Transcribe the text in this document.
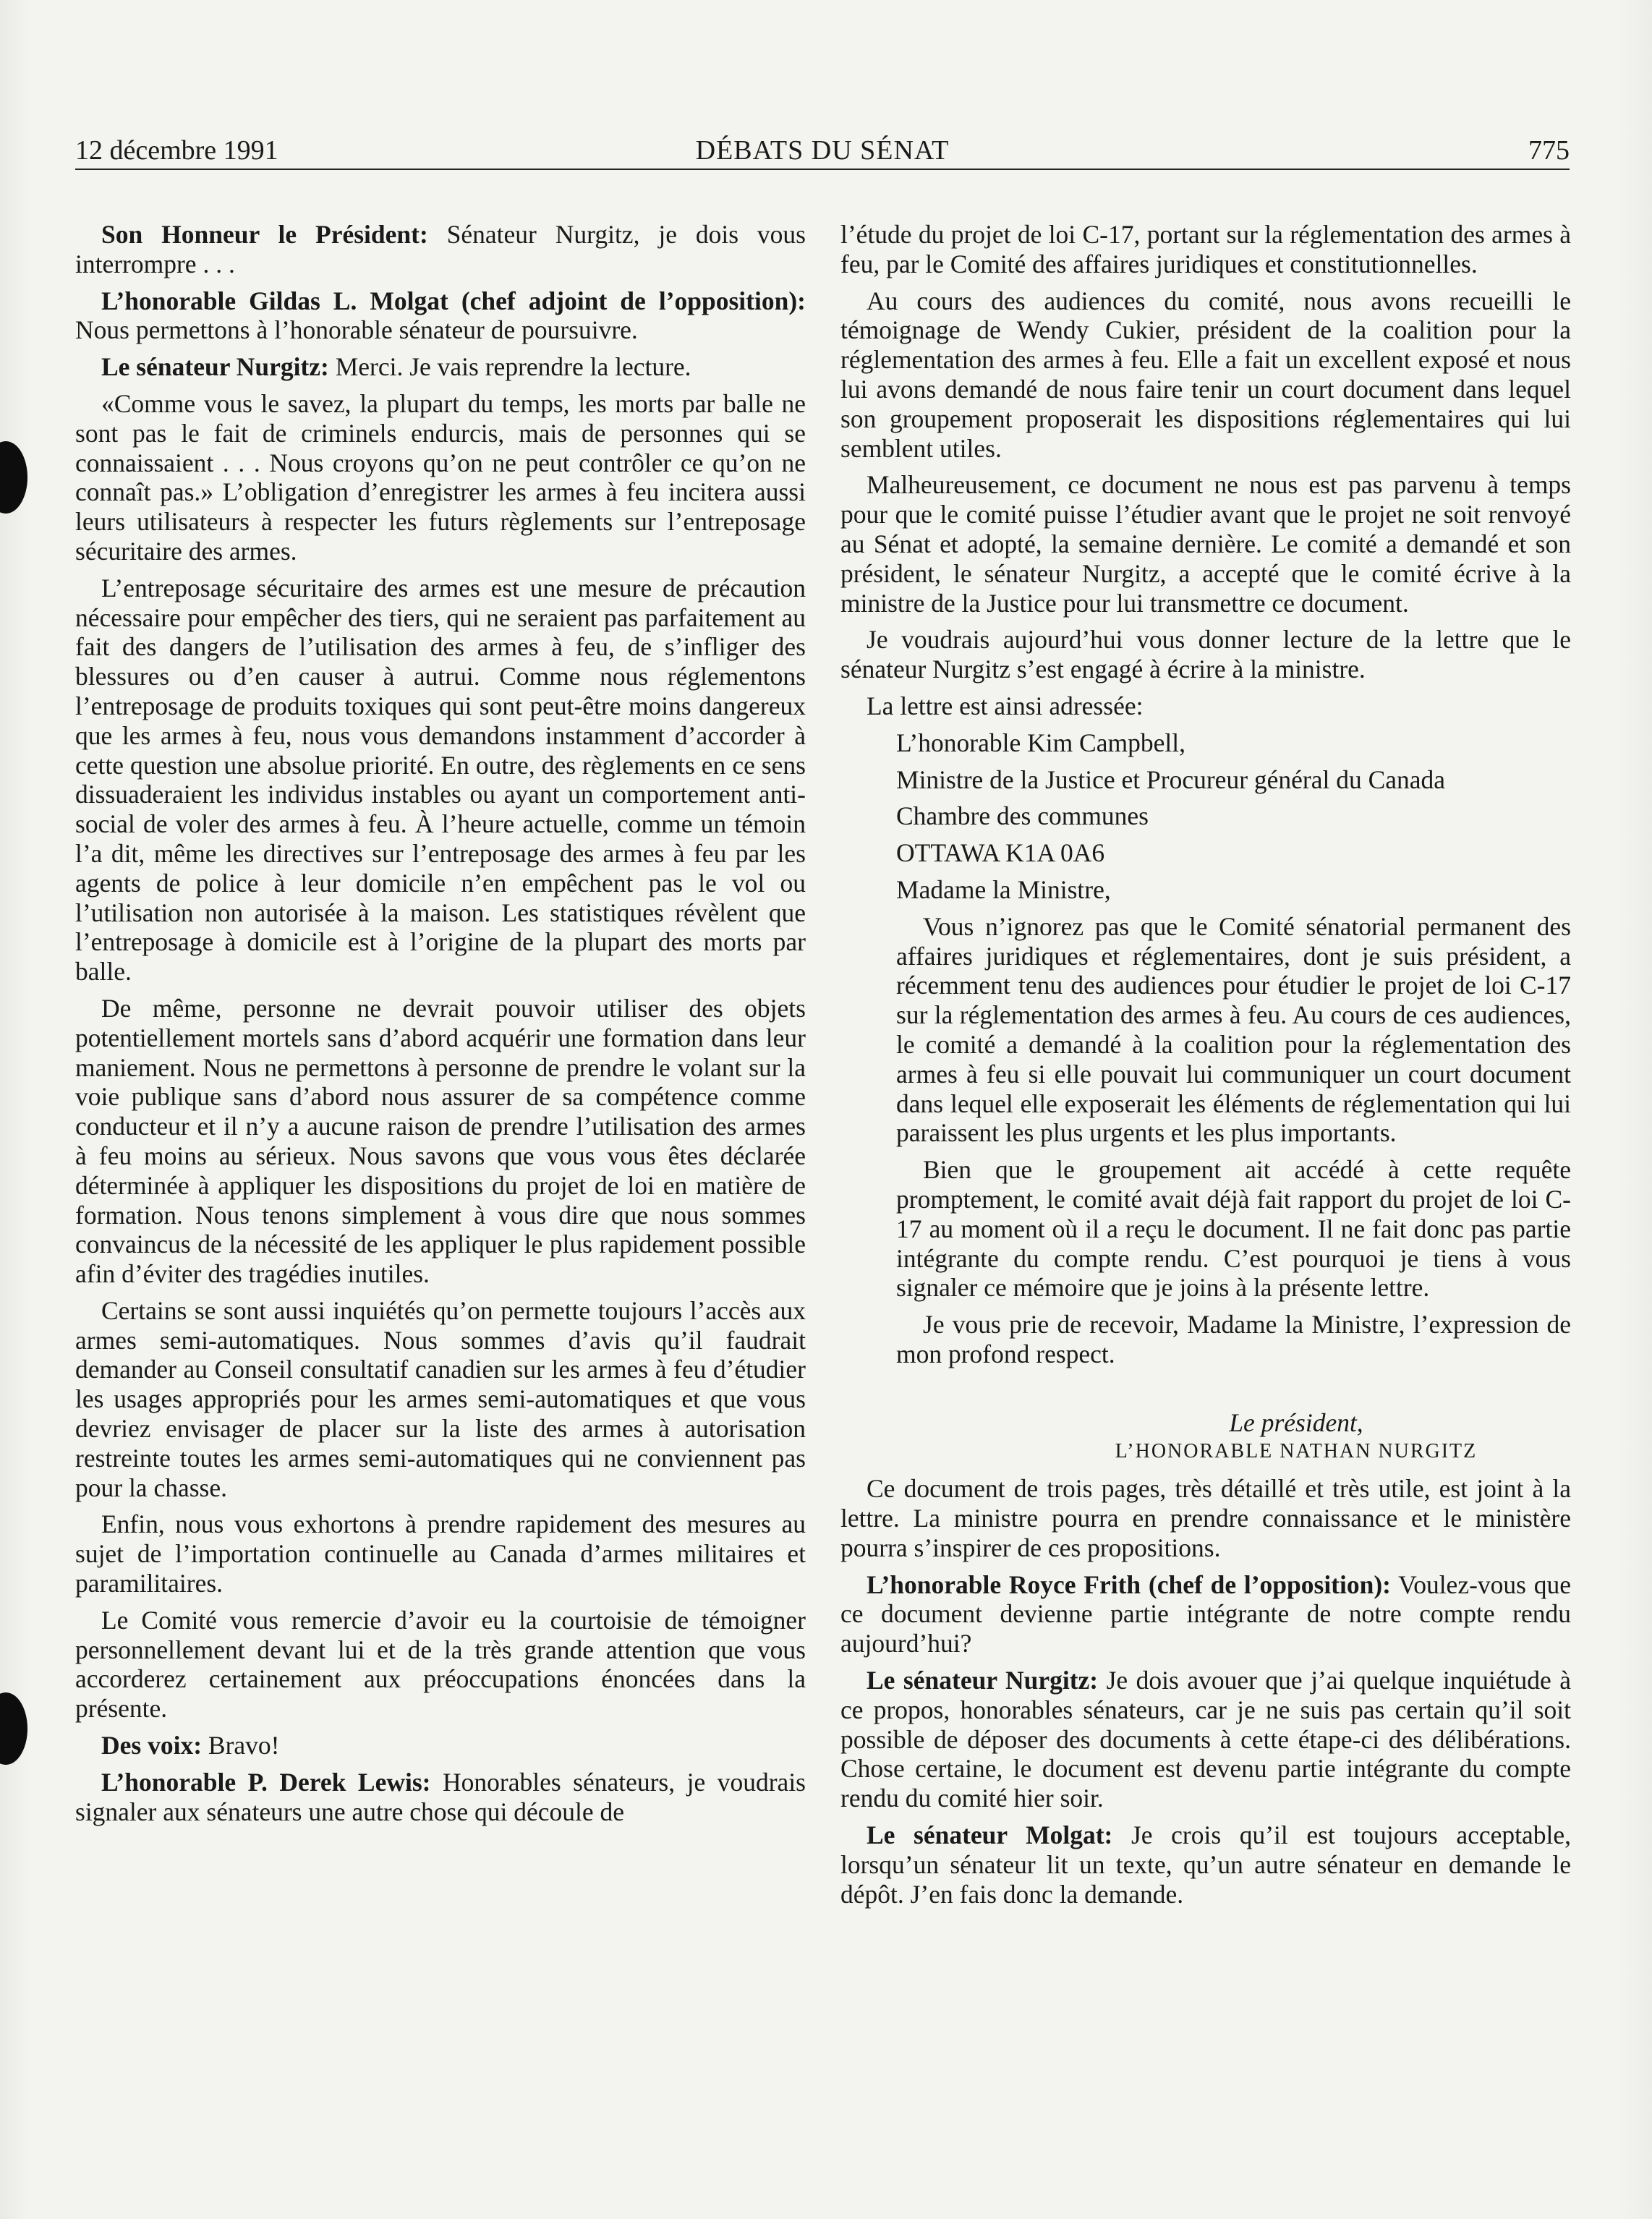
12 décembre 1991	DÉBATS DU SÉNAT	775

Son Honneur le Président: Sénateur Nurgitz, je dois vous interrompre . . .

L’honorable Gildas L. Molgat (chef adjoint de l’opposition): Nous permettons à l’honorable sénateur de poursuivre.

Le sénateur Nurgitz: Merci. Je vais reprendre la lecture.

«Comme vous le savez, la plupart du temps, les morts par balle ne sont pas le fait de criminels endurcis, mais de personnes qui se connaissaient . . . Nous croyons qu’on ne peut contrôler ce qu’on ne connaît pas.» L’obligation d’enregistrer les armes à feu incitera aussi leurs utilisateurs à respecter les futurs règlements sur l’entreposage sécuritaire des armes.

L’entreposage sécuritaire des armes est une mesure de précaution nécessaire pour empêcher des tiers, qui ne seraient pas parfaitement au fait des dangers de l’utilisation des armes à feu, de s’infliger des blessures ou d’en causer à autrui. Comme nous réglementons l’entreposage de produits toxiques qui sont peut-être moins dangereux que les armes à feu, nous vous demandons instamment d’accorder à cette question une absolue priorité. En outre, des règlements en ce sens dissuaderaient les individus instables ou ayant un comportement anti-social de voler des armes à feu. À l’heure actuelle, comme un témoin l’a dit, même les directives sur l’entreposage des armes à feu par les agents de police à leur domicile n’en empêchent pas le vol ou l’utilisation non autorisée à la maison. Les statistiques révèlent que l’entreposage à domicile est à l’origine de la plupart des morts par balle.

De même, personne ne devrait pouvoir utiliser des objets potentiellement mortels sans d’abord acquérir une formation dans leur maniement. Nous ne permettons à personne de prendre le volant sur la voie publique sans d’abord nous assurer de sa compétence comme conducteur et il n’y a aucune raison de prendre l’utilisation des armes à feu moins au sérieux. Nous savons que vous vous êtes déclarée déterminée à appliquer les dispositions du projet de loi en matière de formation. Nous tenons simplement à vous dire que nous sommes convaincus de la nécessité de les appliquer le plus rapidement possible afin d’éviter des tragédies inutiles.

Certains se sont aussi inquiétés qu’on permette toujours l’accès aux armes semi-automatiques. Nous sommes d’avis qu’il faudrait demander au Conseil consultatif canadien sur les armes à feu d’étudier les usages appropriés pour les armes semi-automatiques et que vous devriez envisager de placer sur la liste des armes à autorisation restreinte toutes les armes semi-automatiques qui ne conviennent pas pour la chasse.

Enfin, nous vous exhortons à prendre rapidement des mesures au sujet de l’importation continuelle au Canada d’armes militaires et paramilitaires.

Le Comité vous remercie d’avoir eu la courtoisie de témoigner personnellement devant lui et de la très grande attention que vous accorderez certainement aux préoccupations énoncées dans la présente.

Des voix: Bravo!

L’honorable P. Derek Lewis: Honorables sénateurs, je voudrais signaler aux sénateurs une autre chose qui découle de

l’étude du projet de loi C-17, portant sur la réglementation des armes à feu, par le Comité des affaires juridiques et constitutionnelles.

Au cours des audiences du comité, nous avons recueilli le témoignage de Wendy Cukier, président de la coalition pour la réglementation des armes à feu. Elle a fait un excellent exposé et nous lui avons demandé de nous faire tenir un court document dans lequel son groupement proposerait les dispositions réglementaires qui lui semblent utiles.

Malheureusement, ce document ne nous est pas parvenu à temps pour que le comité puisse l’étudier avant que le projet ne soit renvoyé au Sénat et adopté, la semaine dernière. Le comité a demandé et son président, le sénateur Nurgitz, a accepté que le comité écrive à la ministre de la Justice pour lui transmettre ce document.

Je voudrais aujourd’hui vous donner lecture de la lettre que le sénateur Nurgitz s’est engagé à écrire à la ministre.

La lettre est ainsi adressée:

L’honorable Kim Campbell,

Ministre de la Justice et Procureur général du Canada

Chambre des communes

OTTAWA K1A 0A6

Madame la Ministre,

Vous n’ignorez pas que le Comité sénatorial permanent des affaires juridiques et réglementaires, dont je suis président, a récemment tenu des audiences pour étudier le projet de loi C-17 sur la réglementation des armes à feu. Au cours de ces audiences, le comité a demandé à la coalition pour la réglementation des armes à feu si elle pouvait lui communiquer un court document dans lequel elle exposerait les éléments de réglementation qui lui paraissent les plus urgents et les plus importants.

Bien que le groupement ait accédé à cette requête promptement, le comité avait déjà fait rapport du projet de loi C-17 au moment où il a reçu le document. Il ne fait donc pas partie intégrante du compte rendu. C’est pourquoi je tiens à vous signaler ce mémoire que je joins à la présente lettre.

Je vous prie de recevoir, Madame la Ministre, l’expression de mon profond respect.

Le président,

L’HONORABLE NATHAN NURGITZ

Ce document de trois pages, très détaillé et très utile, est joint à la lettre. La ministre pourra en prendre connaissance et le ministère pourra s’inspirer de ces propositions.

L’honorable Royce Frith (chef de l’opposition): Voulez-vous que ce document devienne partie intégrante de notre compte rendu aujourd’hui?

Le sénateur Nurgitz: Je dois avouer que j’ai quelque inquiétude à ce propos, honorables sénateurs, car je ne suis pas certain qu’il soit possible de déposer des documents à cette étape-ci des délibérations. Chose certaine, le document est devenu partie intégrante du compte rendu du comité hier soir.

Le sénateur Molgat: Je crois qu’il est toujours acceptable, lorsqu’un sénateur lit un texte, qu’un autre sénateur en demande le dépôt. J’en fais donc la demande.
